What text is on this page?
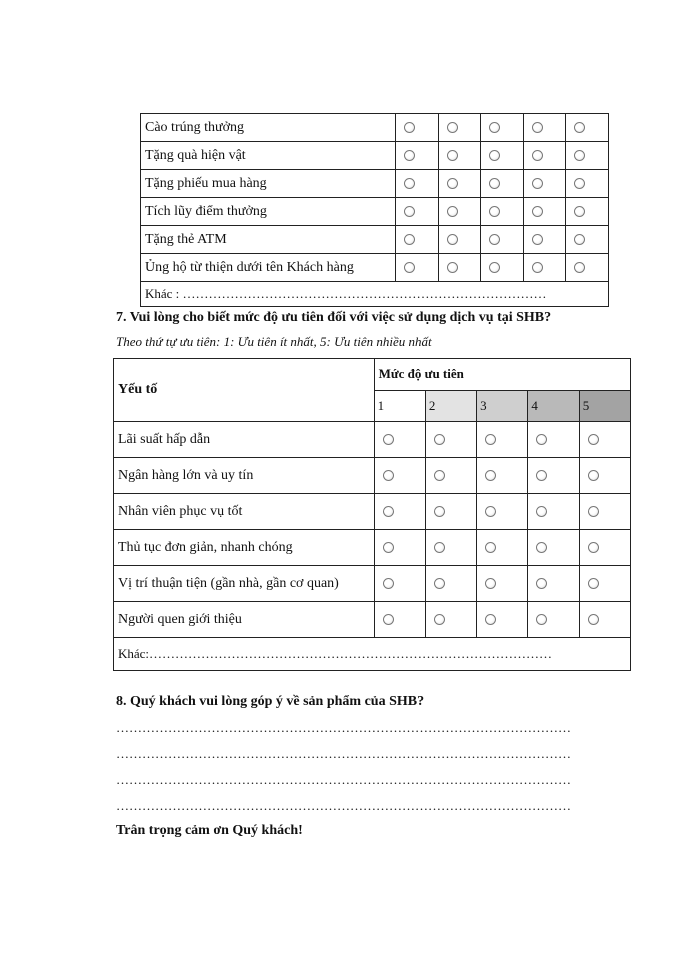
Cào trúng thưởng					
Tặng quà hiện vật					
Tặng phiếu mua hàng					
Tích lũy điểm thưởng					
Tặng thẻ ATM					
Ủng hộ từ thiện dưới tên Khách hàng					
Khác : …………………………………………………………………………					
7. Vui lòng cho biết mức độ ưu tiên đối với việc sử dụng dịch vụ tại SHB?
Theo thứ tự ưu tiên: 1: Ưu tiên ít nhất, 5: Ưu tiên nhiều nhất
Yếu tố	Mức độ ưu tiên				
	1	2	3	4	5
Lãi suất hấp dẫn					
Ngân hàng lớn và uy tín					
Nhân viên phục vụ tốt					
Thủ tục đơn giản, nhanh chóng					
Vị trí thuận tiện (gần nhà, gần cơ quan)					
Người quen giới thiệu					
Khác:…………………………………………………………………………………					
8. Quý khách vui lòng góp ý về sản phẩm của SHB?
……………………………………………………………………………………………
……………………………………………………………………………………………
……………………………………………………………………………………………
……………………………………………………………………………………………
Trân trọng cảm ơn Quý khách!
